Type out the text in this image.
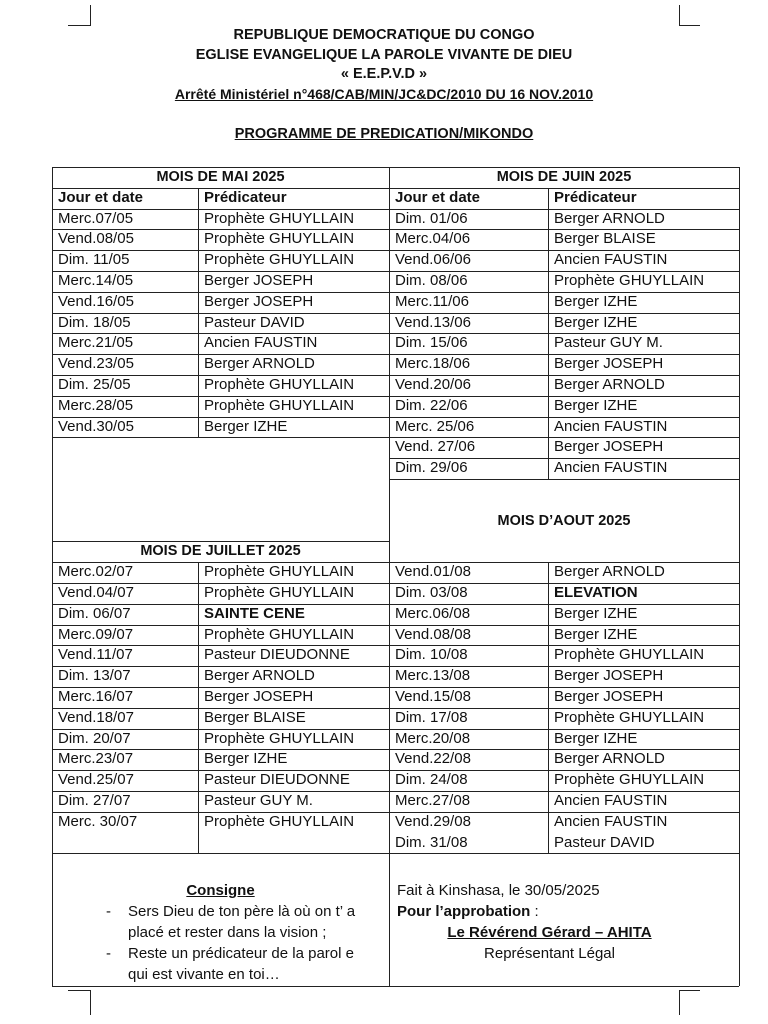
REPUBLIQUE DEMOCRATIQUE DU CONGO
EGLISE EVANGELIQUE LA PAROLE VIVANTE DE DIEU
« E.E.P.V.D »
Arrêté Ministériel n°468/CAB/MIN/JC&DC/2010 DU 16 NOV.2010
PROGRAMME DE PREDICATION/MIKONDO
MOIS DE MAI 2025	MOIS DE JUIN 2025
MOIS DE JUILLET 2025
MOIS D’AOUT 2025
Jour et date	Prédicateur	Jour et date	Prédicateur
Merc.07/05	Prophète GHUYLLAIN
Vend.08/05	Prophète GHUYLLAIN
Dim. 11/05	Prophète GHUYLLAIN
Merc.14/05	Berger JOSEPH
Vend.16/05	Berger JOSEPH
Dim. 18/05	Pasteur DAVID
Merc.21/05	Ancien FAUSTIN
Vend.23/05	Berger ARNOLD
Dim. 25/05	Prophète GHUYLLAIN
Merc.28/05	Prophète GHUYLLAIN
Vend.30/05	Berger IZHE
Dim. 01/06	Berger ARNOLD
Merc.04/06	Berger BLAISE
Vend.06/06	Ancien FAUSTIN
Dim. 08/06	Prophète GHUYLLAIN
Merc.11/06	Berger IZHE
Vend.13/06	Berger IZHE
Dim. 15/06	Pasteur GUY M.
Merc.18/06	Berger JOSEPH
Vend.20/06	Berger ARNOLD
Dim. 22/06	Berger IZHE
Merc. 25/06	Ancien FAUSTIN
Vend. 27/06	Berger JOSEPH
Dim. 29/06	Ancien FAUSTIN
Merc.02/07	Prophète GHUYLLAIN
Vend.04/07	Prophète GHUYLLAIN
Dim. 06/07	SAINTE CENE
Merc.09/07	Prophète GHUYLLAIN
Vend.11/07	Pasteur DIEUDONNE
Dim. 13/07	Berger ARNOLD
Merc.16/07	Berger JOSEPH
Vend.18/07	Berger BLAISE
Dim. 20/07	Prophète GHUYLLAIN
Merc.23/07	Berger IZHE
Vend.25/07	Pasteur DIEUDONNE
Dim. 27/07	Pasteur GUY M.
Merc. 30/07	Prophète GHUYLLAIN
Vend.01/08	Berger ARNOLD
Dim. 03/08	ELEVATION
Merc.06/08	Berger IZHE
Vend.08/08	Berger IZHE
Dim. 10/08	Prophète GHUYLLAIN
Merc.13/08	Berger JOSEPH
Vend.15/08	Berger JOSEPH
Dim. 17/08	Prophète GHUYLLAIN
Merc.20/08	Berger IZHE
Vend.22/08	Berger ARNOLD
Dim. 24/08	Prophète GHUYLLAIN
Merc.27/08	Ancien FAUSTIN
Vend.29/08	Ancien FAUSTIN
Dim. 31/08	Pasteur DAVID
Consigne
- Sers Dieu de ton père là où on t’ a placé et rester dans la vision ;
- Reste un prédicateur de la parol e qui est vivante en toi…
Fait à Kinshasa, le 30/05/2025
Pour l’approbation :
Le Révérend Gérard – AHITA
Représentant Légal
